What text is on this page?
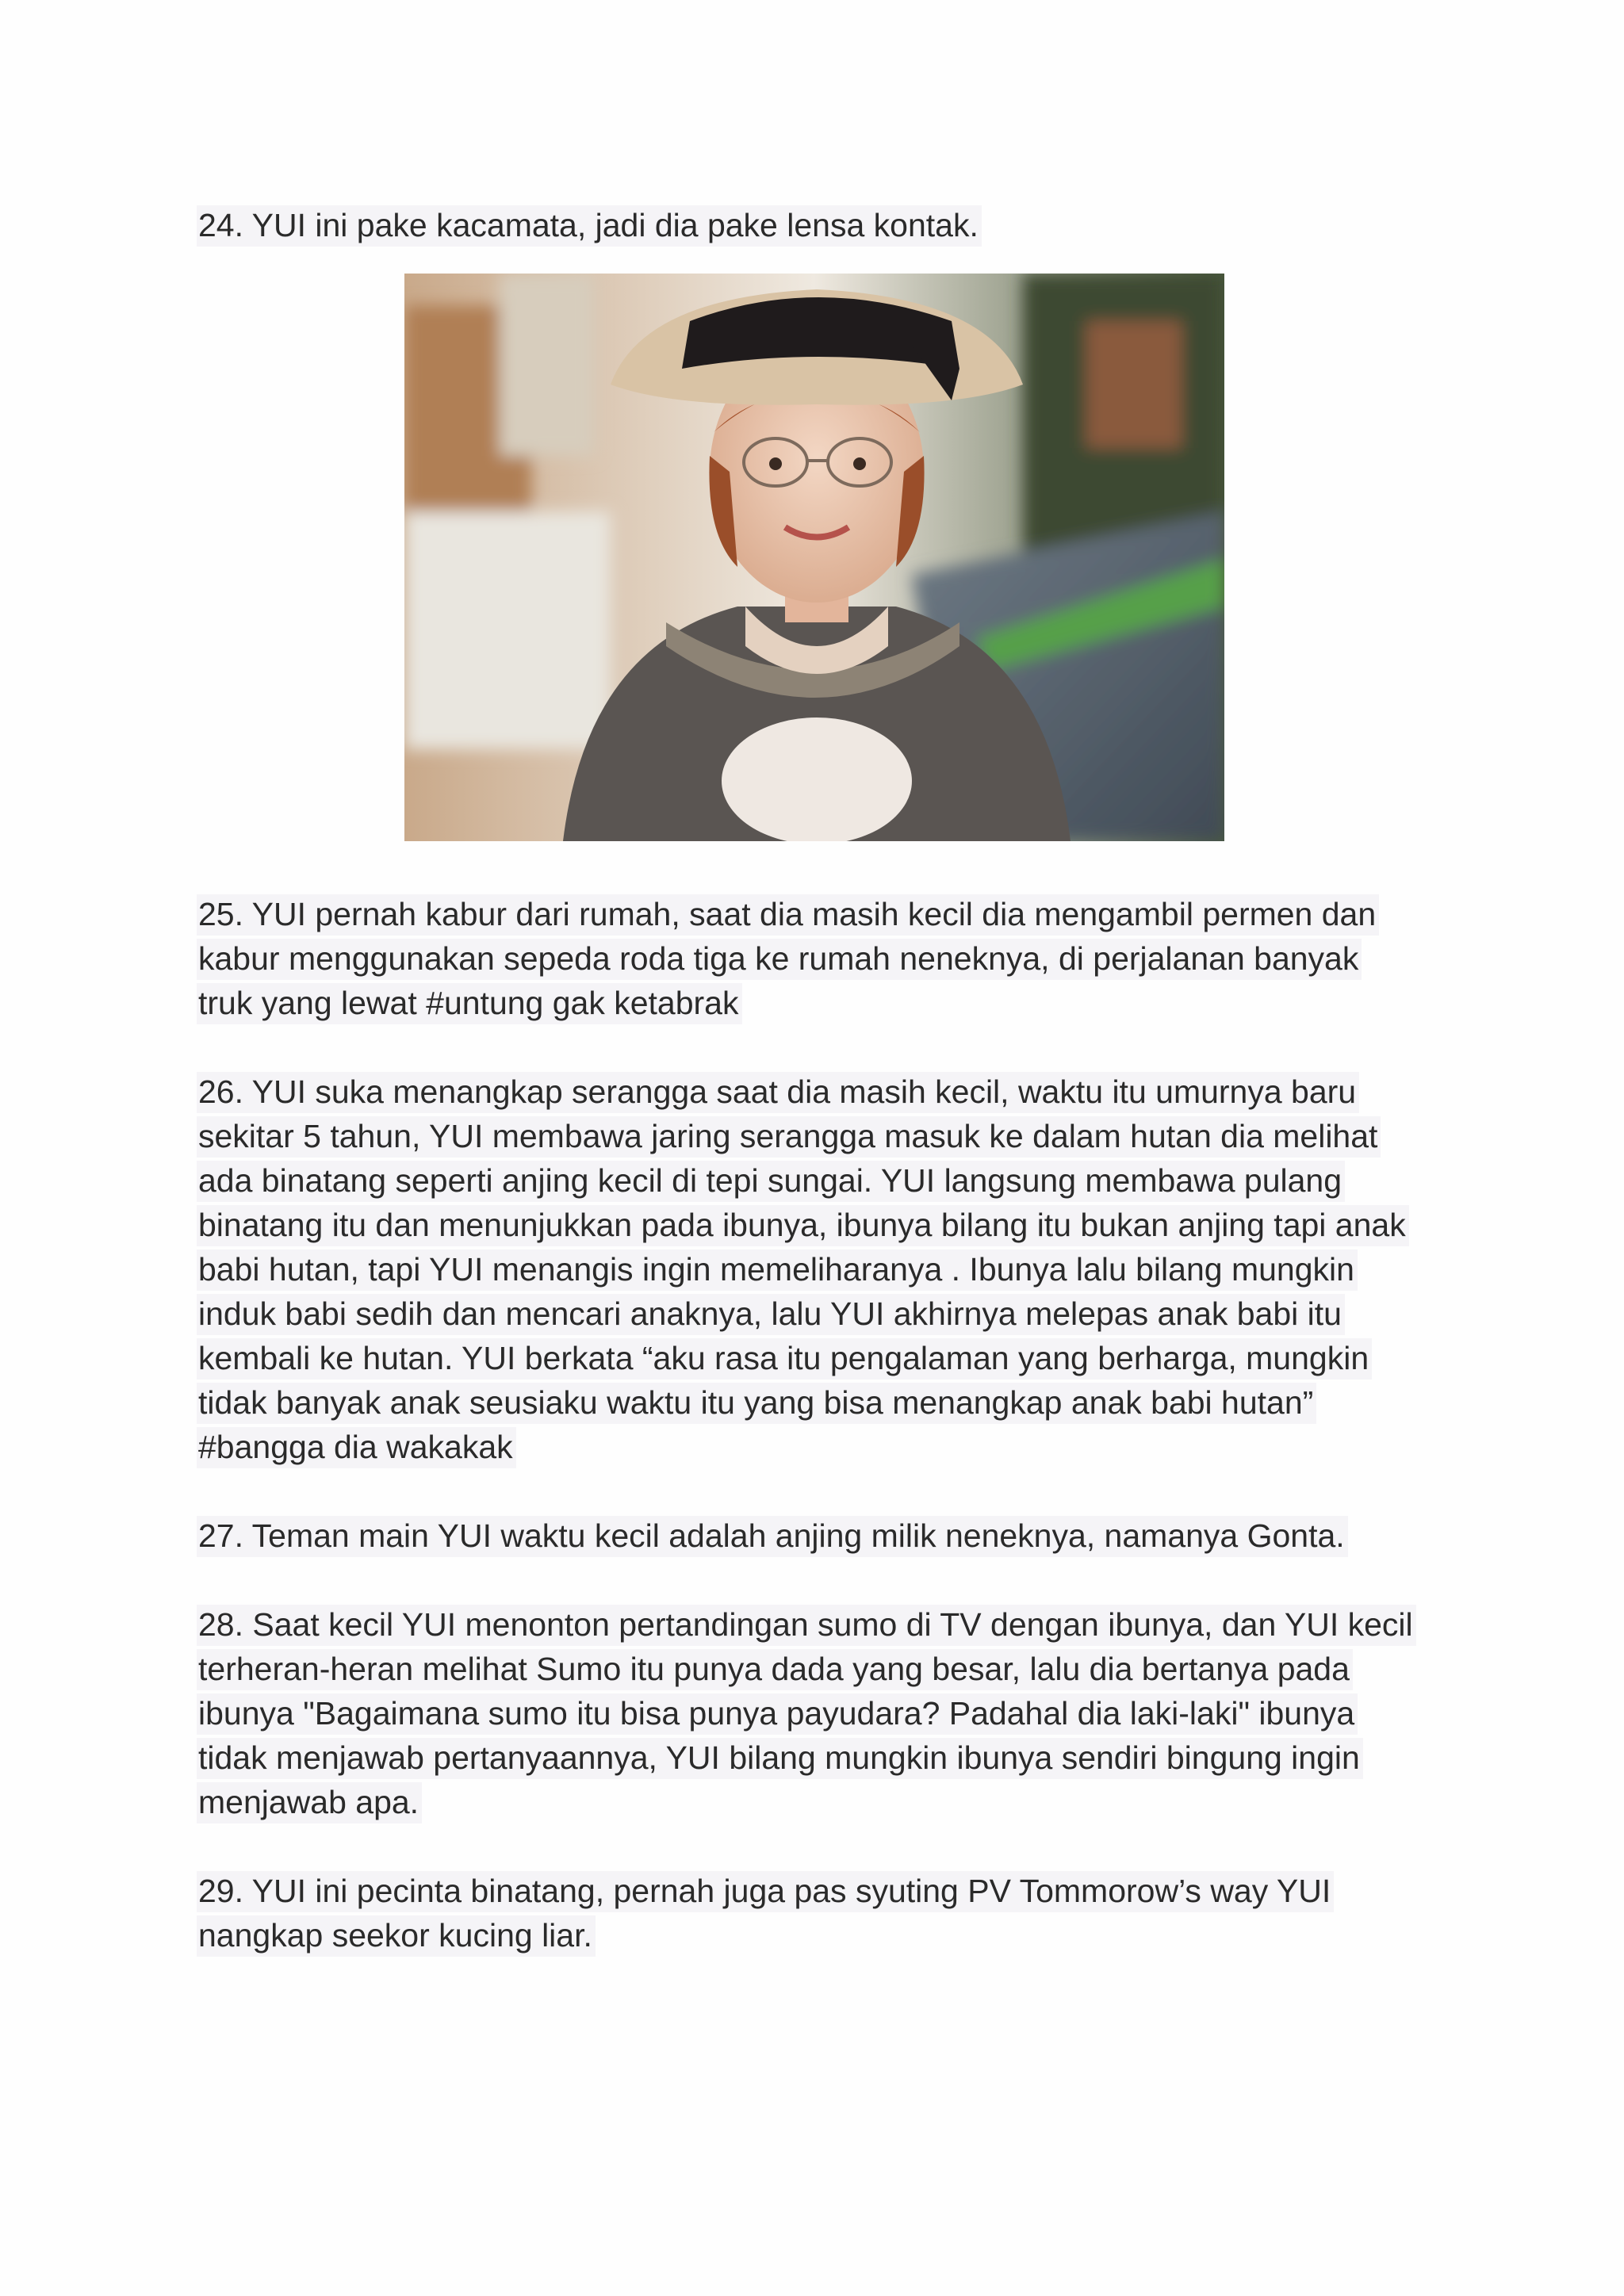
24. YUI ini pake kacamata, jadi dia pake lensa kontak.

25. YUI pernah kabur dari rumah, saat dia masih kecil dia mengambil permen dan
kabur menggunakan sepeda roda tiga ke rumah neneknya, di perjalanan banyak
truk yang lewat #untung gak ketabrak

26. YUI suka menangkap serangga saat dia masih kecil, waktu itu umurnya baru
sekitar 5 tahun, YUI membawa jaring serangga masuk ke dalam hutan dia melihat
ada binatang seperti anjing kecil di tepi sungai. YUI langsung membawa pulang
binatang itu dan menunjukkan pada ibunya, ibunya bilang itu bukan anjing tapi anak
babi hutan, tapi YUI menangis ingin memeliharanya . Ibunya lalu bilang mungkin
induk babi sedih dan mencari anaknya, lalu YUI akhirnya melepas anak babi itu
kembali ke hutan. YUI berkata “aku rasa itu pengalaman yang berharga, mungkin
tidak banyak anak seusiaku waktu itu yang bisa menangkap anak babi hutan”
#bangga dia wakakak

27. Teman main YUI waktu kecil adalah anjing milik neneknya, namanya Gonta.

28. Saat kecil YUI menonton pertandingan sumo di TV dengan ibunya, dan YUI kecil
terheran-heran melihat Sumo itu punya dada yang besar, lalu dia bertanya pada
ibunya "Bagaimana sumo itu bisa punya payudara? Padahal dia laki-laki" ibunya
tidak menjawab pertanyaannya, YUI bilang mungkin ibunya sendiri bingung ingin
menjawab apa.

29. YUI ini pecinta binatang, pernah juga pas syuting PV Tommorow’s way YUI
nangkap seekor kucing liar.
